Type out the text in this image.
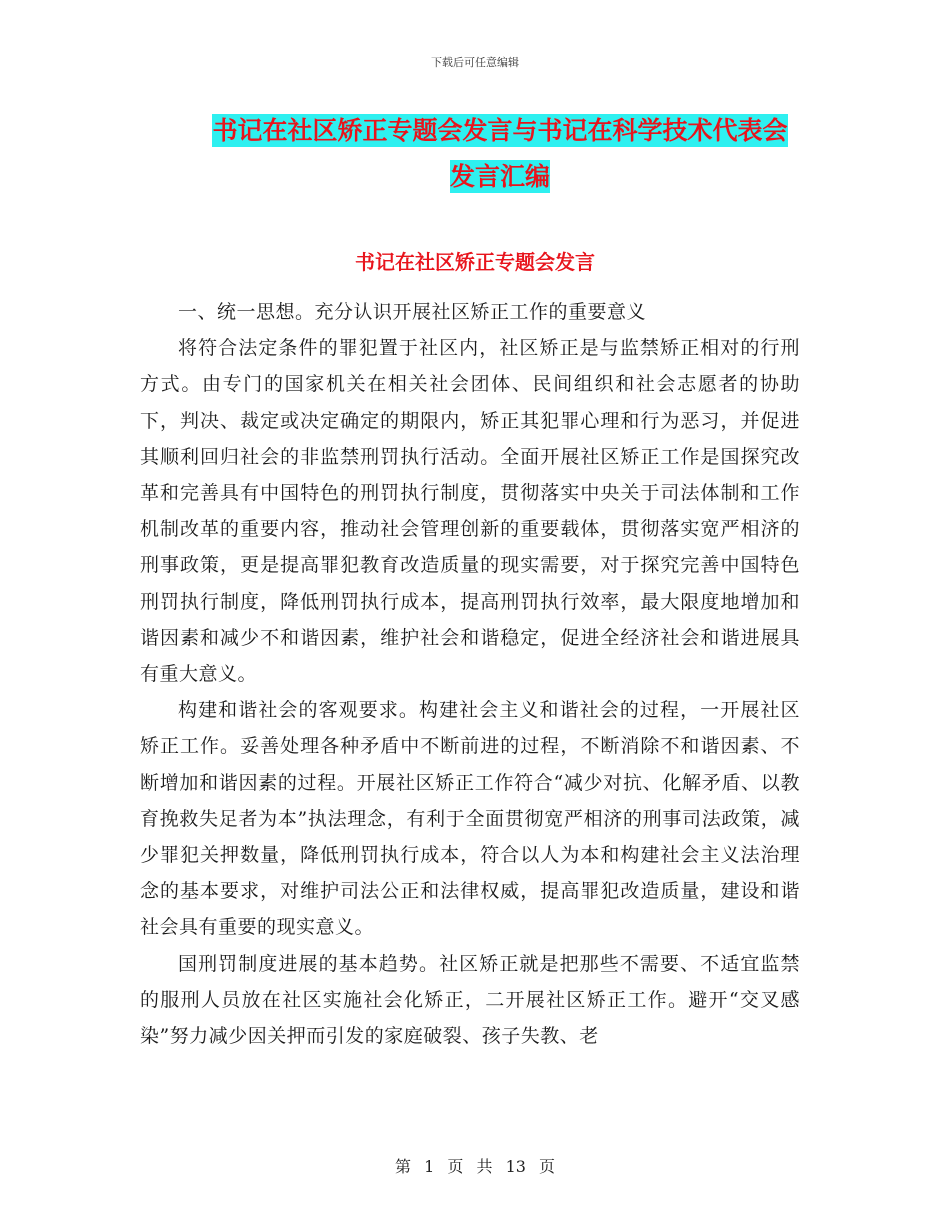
下载后可任意编辑
书记在社区矫正专题会发言与书记在科学技术代表会
发言汇编
书记在社区矫正专题会发言

一、统一思想。充分认识开展社区矫正工作的重要意义

将符合法定条件的罪犯置于社区内，社区矫正是与监禁矫正相对的行刑方式。由专门的国家机关在相关社会团体、民间组织和社会志愿者的协助下，判决、裁定或决定确定的期限内，矫正其犯罪心理和行为恶习，并促进其顺利回归社会的非监禁刑罚执行活动。全面开展社区矫正工作是国探究改革和完善具有中国特色的刑罚执行制度，贯彻落实中央关于司法体制和工作机制改革的重要内容，推动社会管理创新的重要载体，贯彻落实宽严相济的刑事政策，更是提高罪犯教育改造质量的现实需要，对于探究完善中国特色刑罚执行制度，降低刑罚执行成本，提高刑罚执行效率，最大限度地增加和谐因素和减少不和谐因素，维护社会和谐稳定，促进全经济社会和谐进展具有重大意义。

构建和谐社会的客观要求。构建社会主义和谐社会的过程，一开展社区矫正工作。妥善处理各种矛盾中不断前进的过程，不断消除不和谐因素、不断增加和谐因素的过程。开展社区矫正工作符合“减少对抗、化解矛盾、以教育挽救失足者为本”执法理念，有利于全面贯彻宽严相济的刑事司法政策，减少罪犯关押数量，降低刑罚执行成本，符合以人为本和构建社会主义法治理念的基本要求，对维护司法公正和法律权威，提高罪犯改造质量，建设和谐社会具有重要的现实意义。

国刑罚制度进展的基本趋势。社区矫正就是把那些不需要、不适宜监禁的服刑人员放在社区实施社会化矫正，二开展社区矫正工作。避开“交叉感染”努力减少因关押而引发的家庭破裂、孩子失教、老

第 1 页 共 13 页
